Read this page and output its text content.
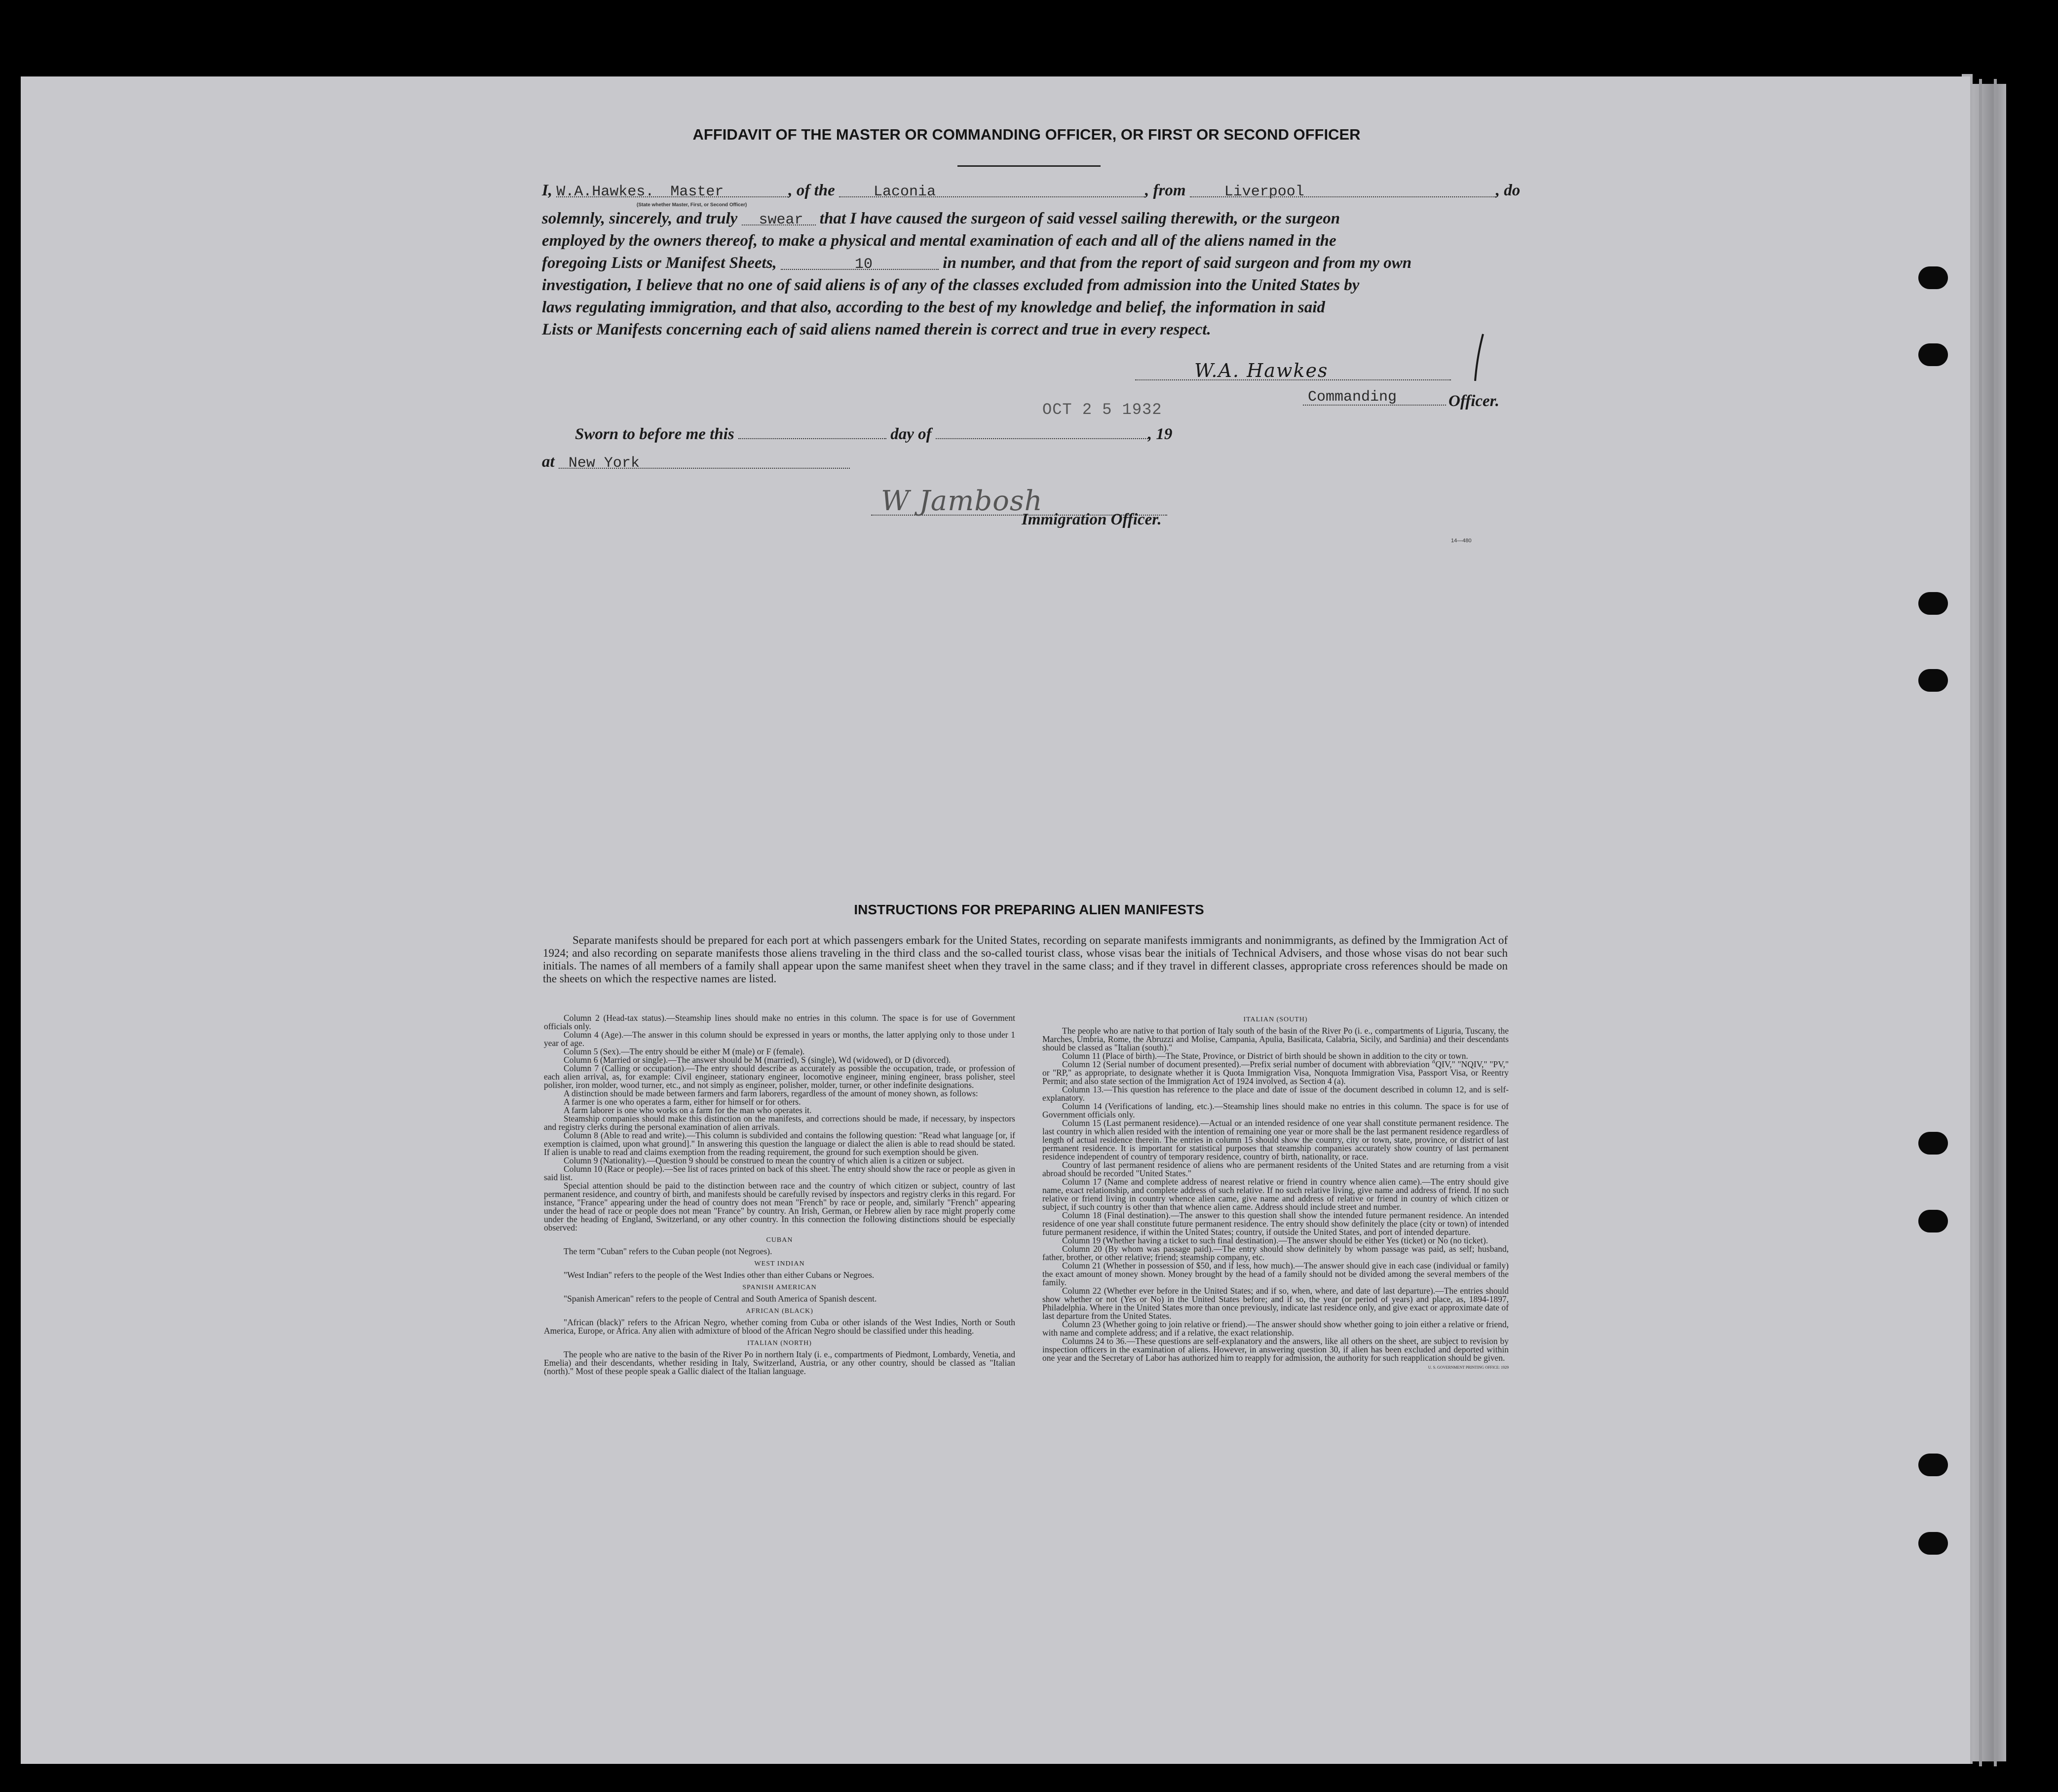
AFFIDAVIT OF THE MASTER OR COMMANDING OFFICER, OR FIRST OR SECOND OFFICER
I, W.A.Hawkes. Master	, of the	Laconia	, from	Liverpool	, do
(State whether Master, First, or Second Officer)
solemnly, sincerely, and truly swear that I have caused the surgeon of said vessel sailing therewith, or the surgeon
employed by the owners thereof, to make a physical and mental examination of each and all of the aliens named in the
foregoing Lists or Manifest Sheets,	10	in number, and that from the report of said surgeon and from my own
investigation, I believe that no one of said aliens is of any of the classes excluded from admission into the United States by
laws regulating immigration, and that also, according to the best of my knowledge and belief, the information in said
Lists or Manifests concerning each of said aliens named therein is correct and true in every respect.
W.A. Hawkes
Commanding	Officer.
Sworn to before me this	day of	, 19
OCT 2 5 1932
at New York
W Jambosh
Immigration Officer.
14—480
INSTRUCTIONS FOR PREPARING ALIEN MANIFESTS
Separate manifests should be prepared for each port at which passengers embark for the United States, recording on separate manifests immigrants and nonimmigrants, as defined by the Immigration Act of 1924; and also recording on separate manifests those aliens traveling in the third class and the so-called tourist class, whose visas bear the initials of Technical Advisers, and those whose visas do not bear such initials. The names of all members of a family shall appear upon the same manifest sheet when they travel in the same class; and if they travel in different classes, appropriate cross references should be made on the sheets on which the respective names are listed.

Column 2 (Head-tax status).—Steamship lines should make no entries in this column. The space is for use of Government officials only.

Column 4 (Age).—The answer in this column should be expressed in years or months, the latter applying only to those under 1 year of age.

Column 5 (Sex).—The entry should be either M (male) or F (female).

Column 6 (Married or single).—The answer should be M (married), S (single), Wd (widowed), or D (divorced).

Column 7 (Calling or occupation).—The entry should describe as accurately as possible the occupation, trade, or profession of each alien arrival, as, for example: Civil engineer, stationary engineer, locomotive engineer, mining engineer, brass polisher, steel polisher, iron molder, wood turner, etc., and not simply as engineer, polisher, molder, turner, or other indefinite designations.

A distinction should be made between farmers and farm laborers, regardless of the amount of money shown, as follows:

A farmer is one who operates a farm, either for himself or for others.

A farm laborer is one who works on a farm for the man who operates it.

Steamship companies should make this distinction on the manifests, and corrections should be made, if necessary, by inspectors and registry clerks during the personal examination of alien arrivals.

Column 8 (Able to read and write).—This column is subdivided and contains the following question: "Read what language [or, if exemption is claimed, upon what ground]." In answering this question the language or dialect the alien is able to read should be stated. If alien is unable to read and claims exemption from the reading requirement, the ground for such exemption should be given.

Column 9 (Nationality).—Question 9 should be construed to mean the country of which alien is a citizen or subject.

Column 10 (Race or people).—See list of races printed on back of this sheet. The entry should show the race or people as given in said list.

Special attention should be paid to the distinction between race and the country of which citizen or subject, country of last permanent residence, and country of birth, and manifests should be carefully revised by inspectors and registry clerks in this regard. For instance, "France" appearing under the head of country does not mean "French" by race or people, and, similarly "French" appearing under the head of race or people does not mean "France" by country. An Irish, German, or Hebrew alien by race might properly come under the heading of England, Switzerland, or any other country. In this connection the following distinctions should be especially observed:

CUBAN

The term "Cuban" refers to the Cuban people (not Negroes).

WEST INDIAN

"West Indian" refers to the people of the West Indies other than either Cubans or Negroes.

SPANISH AMERICAN

"Spanish American" refers to the people of Central and South America of Spanish descent.

AFRICAN (BLACK)

"African (black)" refers to the African Negro, whether coming from Cuba or other islands of the West Indies, North or South America, Europe, or Africa. Any alien with admixture of blood of the African Negro should be classified under this heading.

ITALIAN (NORTH)

The people who are native to the basin of the River Po in northern Italy (i. e., compartments of Piedmont, Lombardy, Venetia, and Emelia) and their descendants, whether residing in Italy, Switzerland, Austria, or any other country, should be classed as "Italian (north)." Most of these people speak a Gallic dialect of the Italian language.

ITALIAN (SOUTH)

The people who are native to that portion of Italy south of the basin of the River Po (i. e., compartments of Liguria, Tuscany, the Marches, Umbria, Rome, the Abruzzi and Molise, Campania, Apulia, Basilicata, Calabria, Sicily, and Sardinia) and their descendants should be classed as "Italian (south)."

Column 11 (Place of birth).—The State, Province, or District of birth should be shown in addition to the city or town.

Column 12 (Serial number of document presented).—Prefix serial number of document with abbreviation "QIV," "NQIV," "PV," or "RP," as appropriate, to designate whether it is Quota Immigration Visa, Nonquota Immigration Visa, Passport Visa, or Reentry Permit; and also state section of the Immigration Act of 1924 involved, as Section 4 (a).

Column 13.—This question has reference to the place and date of issue of the document described in column 12, and is self-explanatory.

Column 14 (Verifications of landing, etc.).—Steamship lines should make no entries in this column. The space is for use of Government officials only.

Column 15 (Last permanent residence).—Actual or an intended residence of one year shall constitute permanent residence. The last country in which alien resided with the intention of remaining one year or more shall be the last permanent residence regardless of length of actual residence therein. The entries in column 15 should show the country, city or town, state, province, or district of last permanent residence. It is important for statistical purposes that steamship companies accurately show country of last permanent residence independent of country of temporary residence, country of birth, nationality, or race.

Country of last permanent residence of aliens who are permanent residents of the United States and are returning from a visit abroad should be recorded "United States."

Column 17 (Name and complete address of nearest relative or friend in country whence alien came).—The entry should give name, exact relationship, and complete address of such relative. If no such relative living, give name and address of friend. If no such relative or friend living in country whence alien came, give name and address of relative or friend in country of which citizen or subject, if such country is other than that whence alien came. Address should include street and number.

Column 18 (Final destination).—The answer to this question shall show the intended future permanent residence. An intended residence of one year shall constitute future permanent residence. The entry should show definitely the place (city or town) of intended future permanent residence, if within the United States; country, if outside the United States, and port of intended departure.

Column 19 (Whether having a ticket to such final destination).—The answer should be either Yes (ticket) or No (no ticket).

Column 20 (By whom was passage paid).—The entry should show definitely by whom passage was paid, as self; husband, father, brother, or other relative; friend; steamship company, etc.

Column 21 (Whether in possession of $50, and if less, how much).—The answer should give in each case (individual or family) the exact amount of money shown. Money brought by the head of a family should not be divided among the several members of the family.

Column 22 (Whether ever before in the United States; and if so, when, where, and date of last departure).—The entries should show whether or not (Yes or No) in the United States before; and if so, the year (or period of years) and place, as, 1894-1897, Philadelphia. Where in the United States more than once previously, indicate last residence only, and give exact or approximate date of last departure from the United States.

Column 23 (Whether going to join relative or friend).—The answer should show whether going to join either a relative or friend, with name and complete address; and if a relative, the exact relationship.

Columns 24 to 36.—These questions are self-explanatory and the answers, like all others on the sheet, are subject to revision by inspection officers in the examination of aliens. However, in answering question 30, if alien has been excluded and deported within one year and the Secretary of Labor has authorized him to reapply for admission, the authority for such reapplication should be given.

U. S. GOVERNMENT PRINTING OFFICE: 1929
